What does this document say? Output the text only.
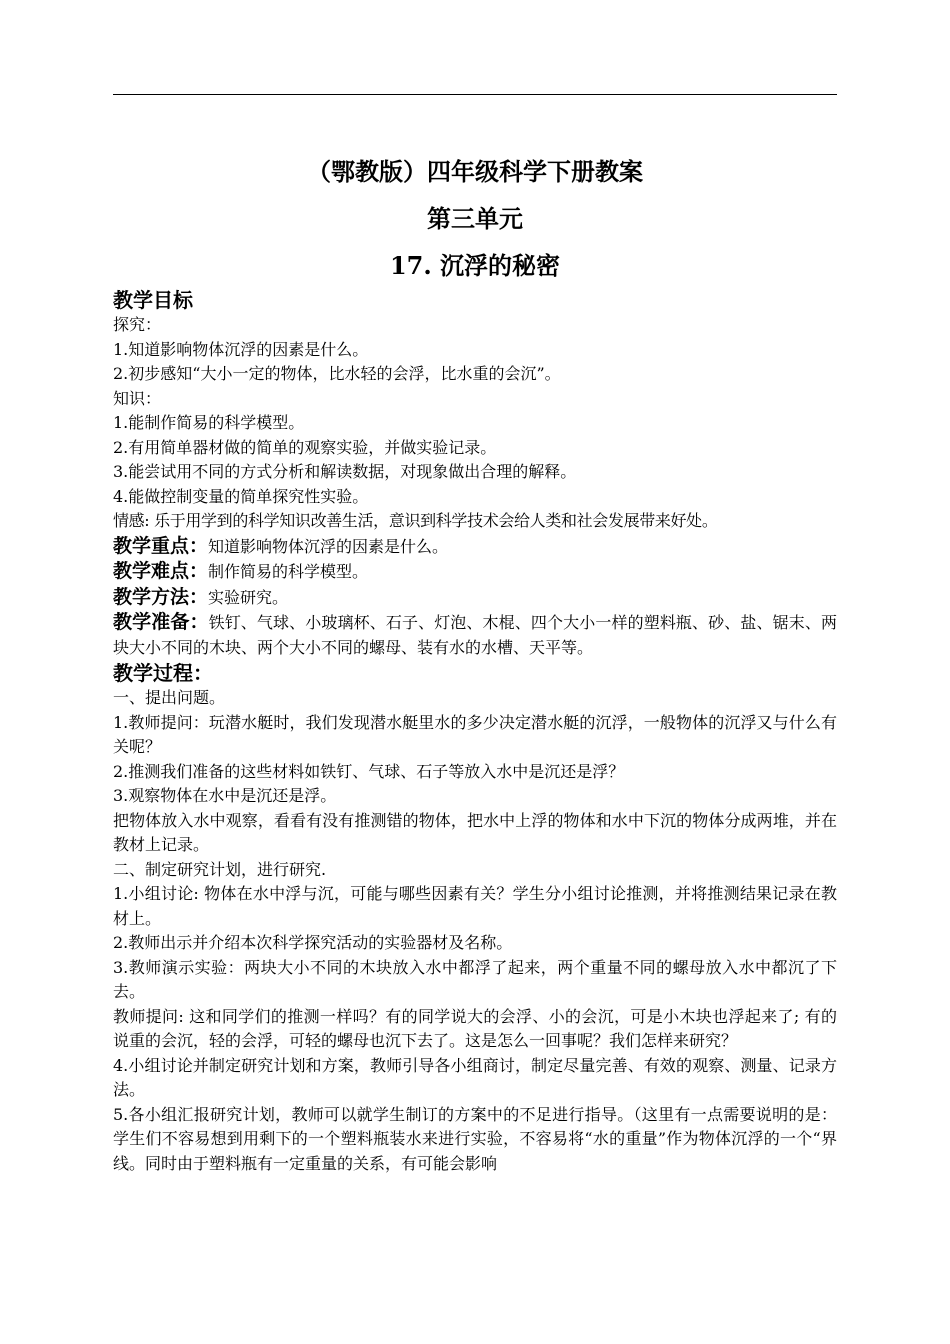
（鄂教版）四年级科学下册教案
第三单元
17. 沉浮的秘密
教学目标
探究：
1.知道影响物体沉浮的因素是什么。
2.初步感知“大小一定的物体，比水轻的会浮，比水重的会沉”。
知识：
1.能制作简易的科学模型。
2.有用简单器材做的简单的观察实验，并做实验记录。
3.能尝试用不同的方式分析和解读数据，对现象做出合理的解释。
4.能做控制变量的简单探究性实验。
情感: 乐于用学到的科学知识改善生活，意识到科学技术会给人类和社会发展带来好处。
教学重点：知道影响物体沉浮的因素是什么。
教学难点：制作简易的科学模型。
教学方法：实验研究。
教学准备：铁钉、气球、小玻璃杯、石子、灯泡、木棍、四个大小一样的塑料瓶、砂、盐、锯末、两块大小不同的木块、两个大小不同的螺母、装有水的水槽、天平等。
教学过程：
一、提出问题。
1.教师提问：玩潜水艇时，我们发现潜水艇里水的多少决定潜水艇的沉浮，一般物体的沉浮又与什么有关呢？
2.推测我们准备的这些材料如铁钉、气球、石子等放入水中是沉还是浮？
3.观察物体在水中是沉还是浮。
把物体放入水中观察，看看有没有推测错的物体，把水中上浮的物体和水中下沉的物体分成两堆，并在教材上记录。
二、制定研究计划，进行研究.
1.小组讨论: 物体在水中浮与沉，可能与哪些因素有关？学生分小组讨论推测，并将推测结果记录在教材上。
2.教师出示并介绍本次科学探究活动的实验器材及名称。
3.教师演示实验：两块大小不同的木块放入水中都浮了起来，两个重量不同的螺母放入水中都沉了下去。
教师提问: 这和同学们的推测一样吗？有的同学说大的会浮、小的会沉，可是小木块也浮起来了; 有的说重的会沉，轻的会浮，可轻的螺母也沉下去了。这是怎么一回事呢？我们怎样来研究？
4.小组讨论并制定研究计划和方案，教师引导各小组商讨，制定尽量完善、有效的观察、测量、记录方法。
5.各小组汇报研究计划，教师可以就学生制订的方案中的不足进行指导。（这里有一点需要说明的是：学生们不容易想到用剩下的一个塑料瓶装水来进行实验，不容易将“水的重量”作为物体沉浮的一个“界线。同时由于塑料瓶有一定重量的关系，有可能会影响
